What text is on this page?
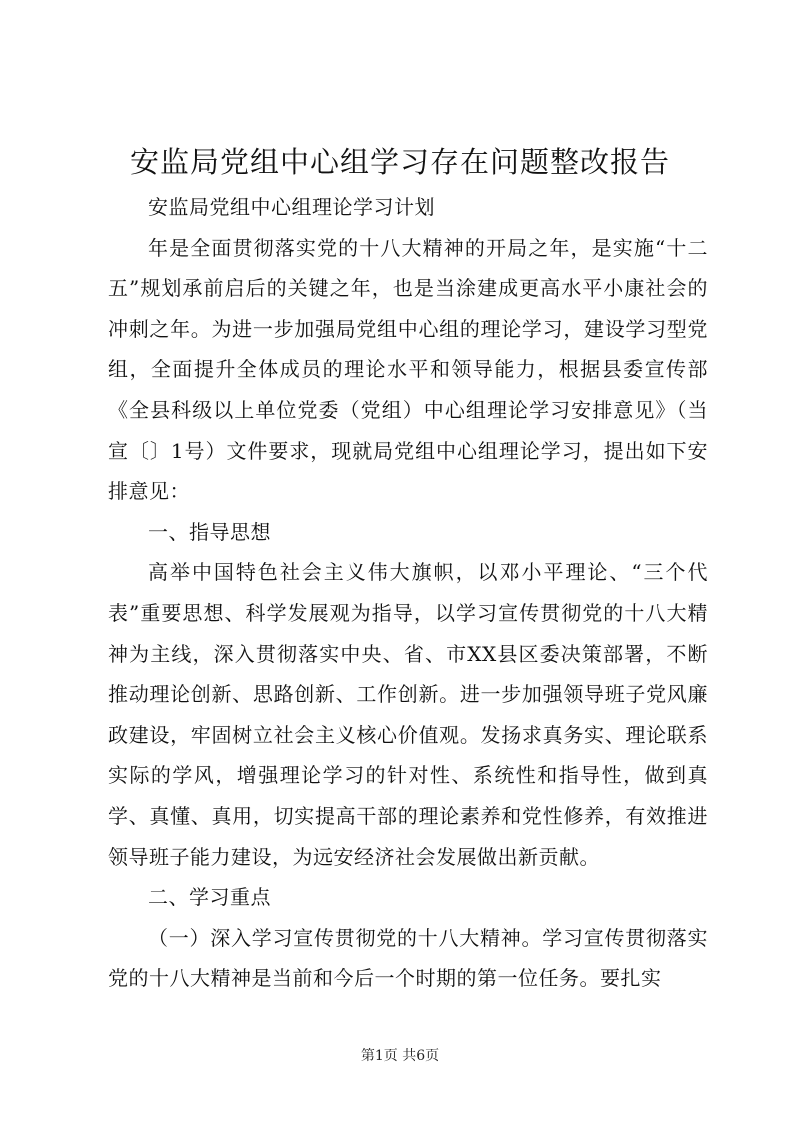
安监局党组中心组学习存在问题整改报告

安监局党组中心组理论学习计划

年是全面贯彻落实党的十八大精神的开局之年，是实施“十二五”规划承前启后的关键之年，也是当涂建成更高水平小康社会的冲刺之年。为进一步加强局党组中心组的理论学习，建设学习型党组，全面提升全体成员的理论水平和领导能力，根据县委宣传部《全县科级以上单位党委（党组）中心组理论学习安排意见》（当宣〔〕1号）文件要求，现就局党组中心组理论学习，提出如下安排意见：

一、指导思想

高举中国特色社会主义伟大旗帜，以邓小平理论、“三个代表”重要思想、科学发展观为指导，以学习宣传贯彻党的十八大精神为主线，深入贯彻落实中央、省、市XX县区委决策部署，不断推动理论创新、思路创新、工作创新。进一步加强领导班子党风廉政建设，牢固树立社会主义核心价值观。发扬求真务实、理论联系实际的学风，增强理论学习的针对性、系统性和指导性，做到真学、真懂、真用，切实提高干部的理论素养和党性修养，有效推进领导班子能力建设，为远安经济社会发展做出新贡献。

二、学习重点

（一）深入学习宣传贯彻党的十八大精神。学习宣传贯彻落实党的十八大精神是当前和今后一个时期的第一位任务。要扎实

第1页 共6页
